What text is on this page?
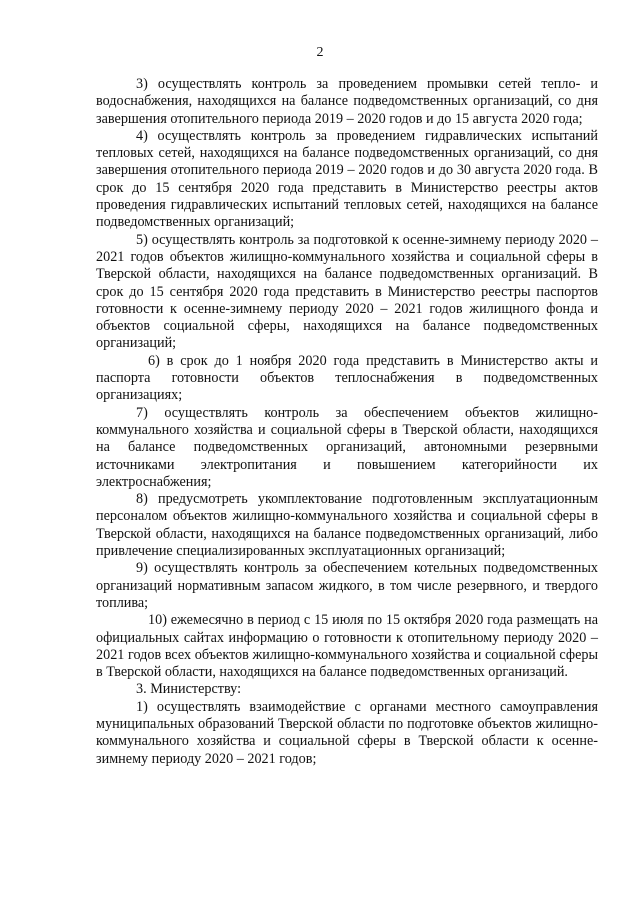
2

3) осуществлять контроль за проведением промывки сетей тепло- и водоснабжения, находящихся на балансе подведомственных организаций, со дня завершения отопительного периода 2019 – 2020 годов и до 15 августа 2020 года;

4) осуществлять контроль за проведением гидравлических испытаний тепловых сетей, находящихся на балансе подведомственных организаций, со дня завершения отопительного периода 2019 – 2020 годов и до 30 августа 2020 года. В срок до 15 сентября 2020 года представить в Министерство реестры актов проведения гидравлических испытаний тепловых сетей, находящихся на балансе подведомственных организаций;

5) осуществлять контроль за подготовкой к осенне-зимнему периоду 2020 – 2021 годов объектов жилищно-коммунального хозяйства и социальной сферы в Тверской области, находящихся на балансе подведомственных организаций. В срок до 15 сентября 2020 года представить в Министерство реестры паспортов готовности к осенне-зимнему периоду 2020 – 2021 годов жилищного фонда и объектов социальной сферы, находящихся на балансе подведомственных организаций;

6) в срок до 1 ноября 2020 года представить в Министерство акты и паспорта готовности объектов теплоснабжения в подведомственных организациях;

7) осуществлять контроль за обеспечением объектов жилищно-коммунального хозяйства и социальной сферы в Тверской области, находящихся на балансе подведомственных организаций, автономными резервными источниками электропитания и повышением категорийности их электроснабжения;

8) предусмотреть укомплектование подготовленным эксплуатационным персоналом объектов жилищно-коммунального хозяйства и социальной сферы в Тверской области, находящихся на балансе подведомственных организаций, либо привлечение специализированных эксплуатационных организаций;

9) осуществлять контроль за обеспечением котельных подведомственных организаций нормативным запасом жидкого, в том числе резервного, и твердого топлива;

10) ежемесячно в период с 15 июля по 15 октября 2020 года размещать на официальных сайтах информацию о готовности к отопительному периоду 2020 – 2021 годов всех объектов жилищно-коммунального хозяйства и социальной сферы в Тверской области, находящихся на балансе подведомственных организаций.

3. Министерству:

1) осуществлять взаимодействие с органами местного самоуправления муниципальных образований Тверской области по подготовке объектов жилищно-коммунального хозяйства и социальной сферы в Тверской области к осенне-зимнему периоду 2020 – 2021 годов;
